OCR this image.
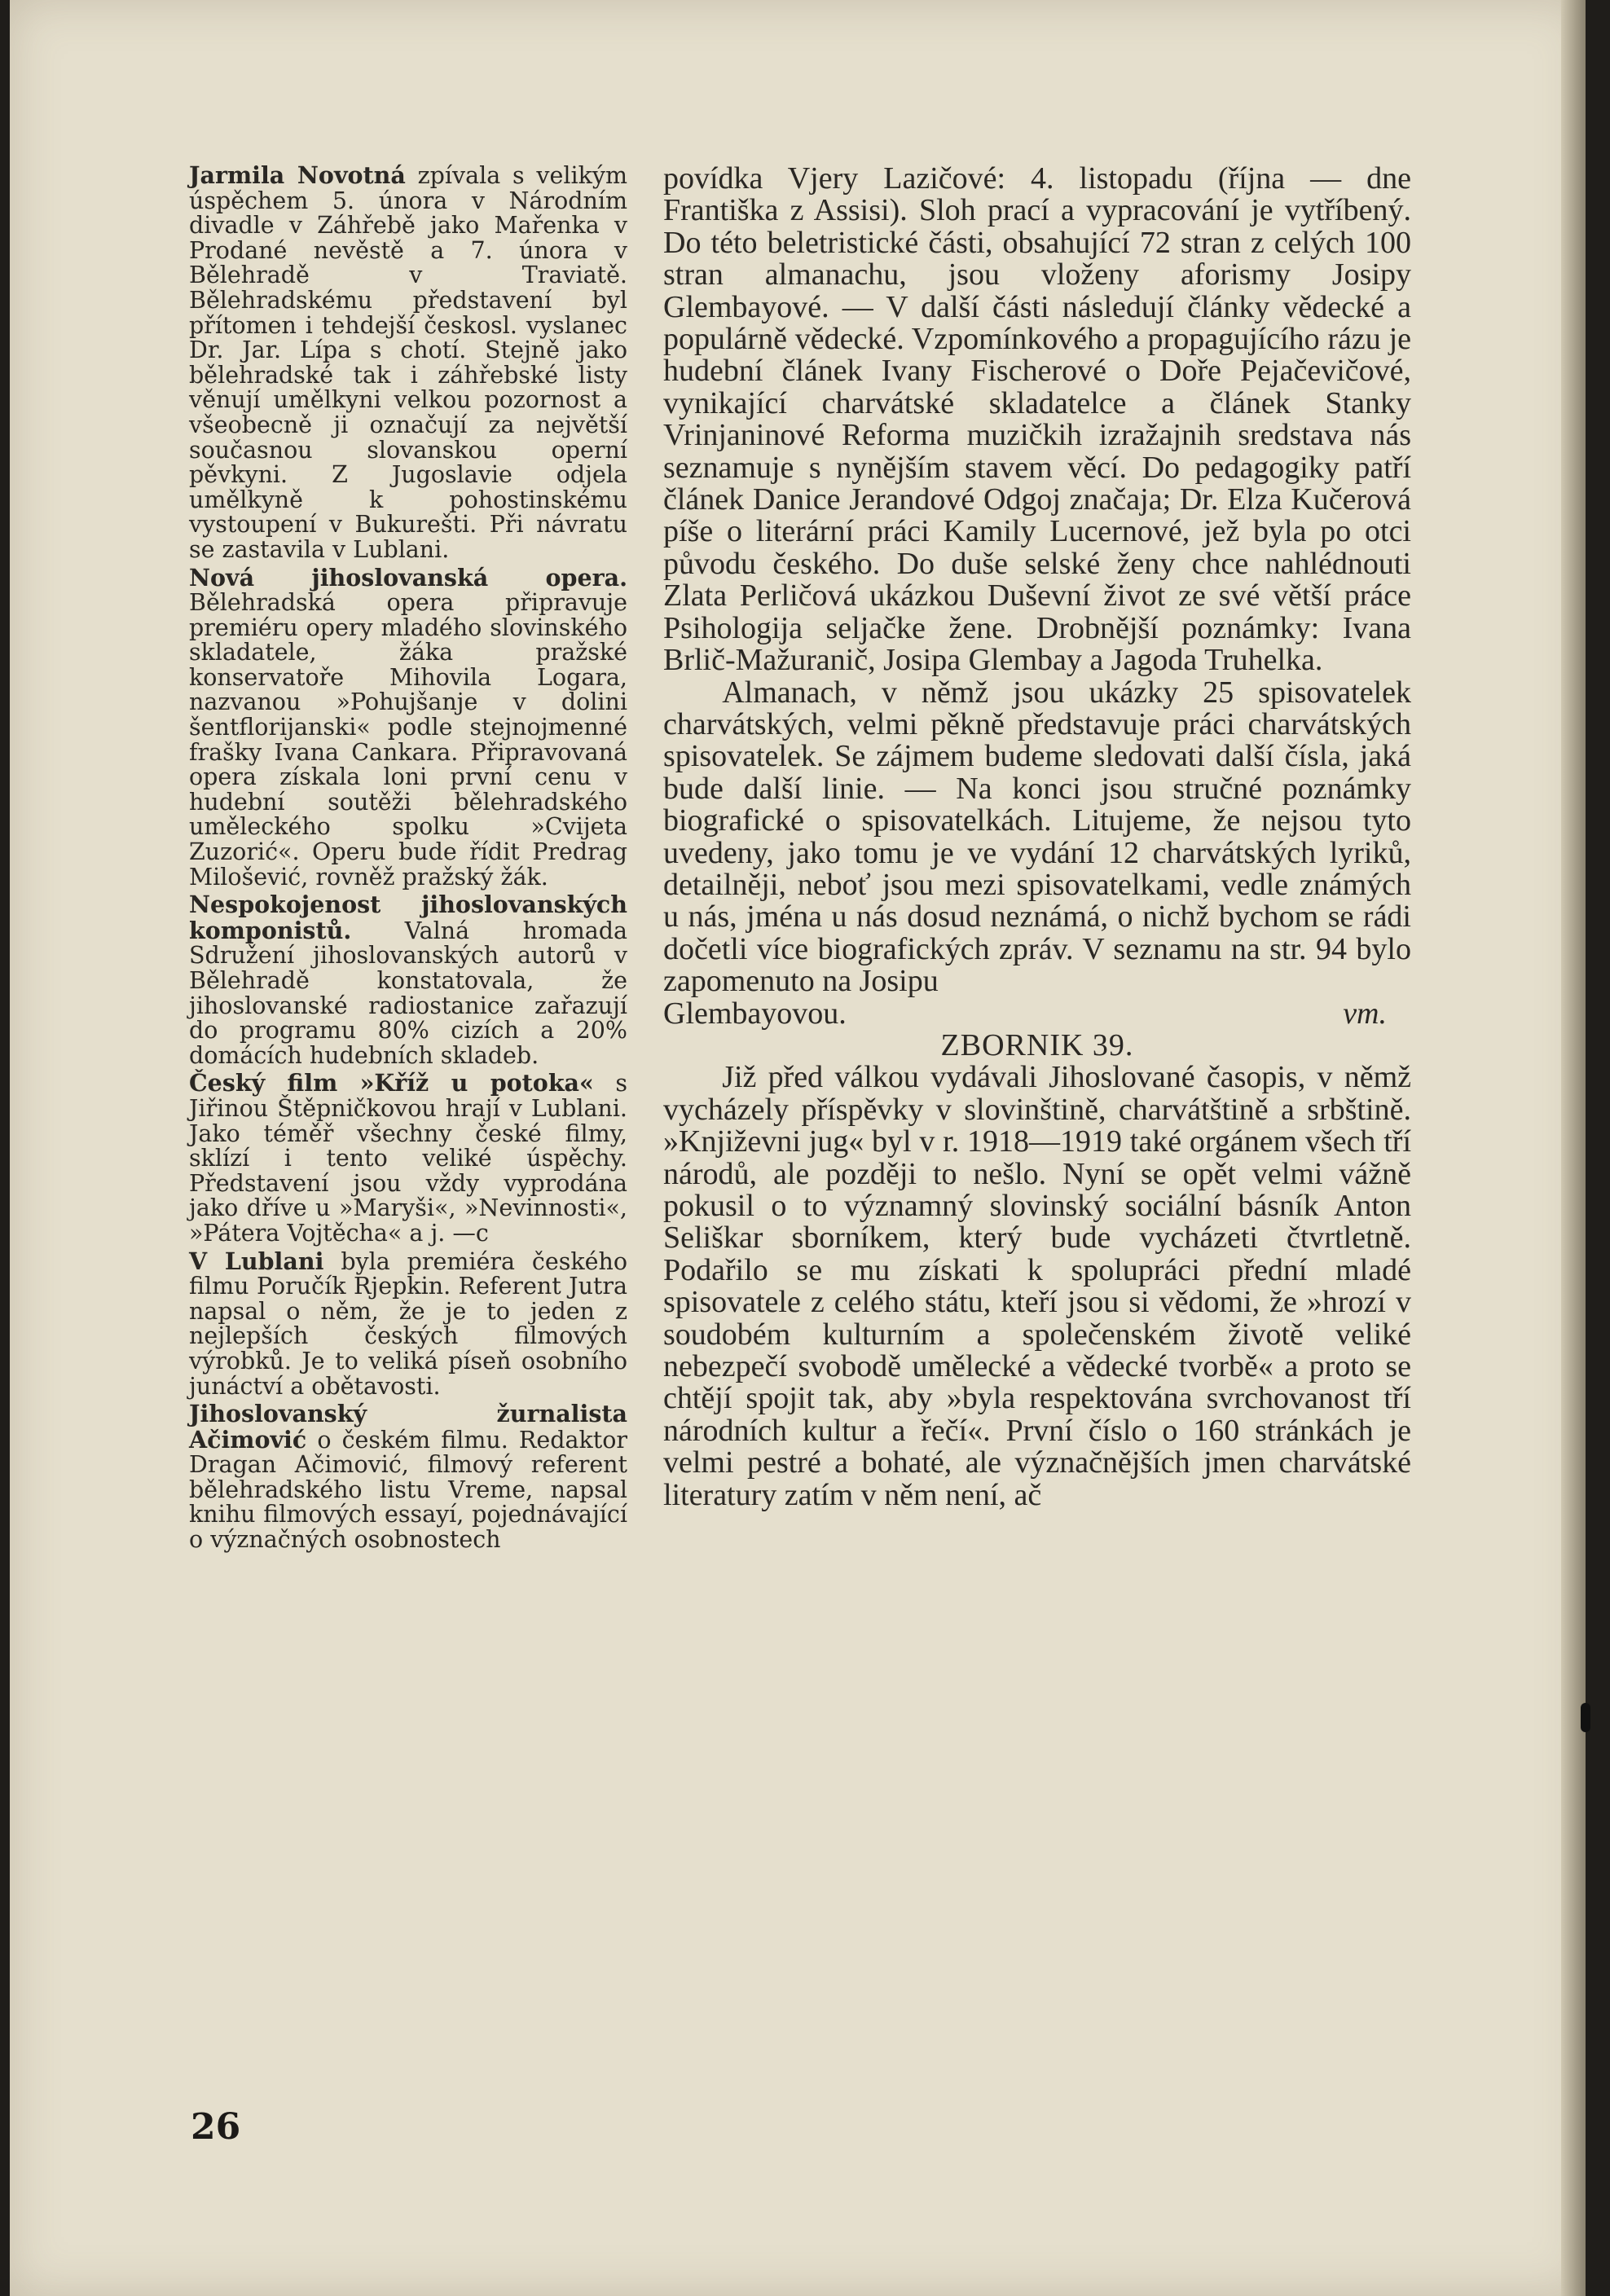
Jarmila Novotná zpívala s velikým úspěchem 5. února v Národním divadle v Záhřebě jako Mařenka v Prodané nevěstě a 7. února v Bělehradě v Traviatě. Bělehradskému představení byl přítomen i tehdejší českosl. vyslanec Dr. Jar. Lípa s chotí. Stejně jako bělehradské tak i záhřebské listy věnují umělkyni velkou pozornost a všeobecně ji označují za největší současnou slovanskou operní pěvkyni. Z Jugoslavie odjela umělkyně k pohostinskému vystoupení v Bukurešti. Při návratu se zastavila v Lublani.

Nová jihoslovanská opera. Bělehradská opera připravuje premiéru opery mladého slovinského skladatele, žáka pražské konservatoře Mihovila Logara, nazvanou »Pohujšanje v dolini šentflorijanski« podle stejnojmenné frašky Ivana Cankara. Připravovaná opera získala loni první cenu v hudební soutěži bělehradského uměleckého spolku »Cvijeta Zuzorić«. Operu bude řídit Predrag Milošević, rovněž pražský žák.

Nespokojenost jihoslovanských komponistů. Valná hromada Sdružení jihoslovanských autorů v Bělehradě konstatovala, že jihoslovanské radiostanice zařazují do programu 80% cizích a 20% domácích hudebních skladeb.

Český film »Kříž u potoka« s Jiřinou Štěpničkovou hrají v Lublani. Jako téměř všechny české filmy, sklízí i tento veliké úspěchy. Představení jsou vždy vyprodána jako dříve u »Maryši«, »Nevinnosti«, »Pátera Vojtěcha« a j. —c

V Lublani byla premiéra českého filmu Poručík Rjepkin. Referent Jutra napsal o něm, že je to jeden z nejlepších českých filmových výrobků. Je to veliká píseň osobního junáctví a obětavosti.

Jihoslovanský žurnalista Ačimović o českém filmu. Redaktor Dragan Ačimović, filmový referent bělehradského listu Vreme, napsal knihu filmových essayí, pojednávající o význačných osobnostech

povídka Vjery Lazičové: 4. listopadu (října — dne Františka z Assisi). Sloh prací a vypracování je vytříbený. Do této beletristické části, obsahující 72 stran z celých 100 stran almanachu, jsou vloženy aforismy Josipy Glembayové. — V další části následují články vědecké a populárně vědecké. Vzpomínkového a propagujícího rázu je hudební článek Ivany Fischerové o Doře Pejačevičové, vynikající charvátské skladatelce a článek Stanky Vrinjaninové Reforma muzičkih izražajnih sredstava nás seznamuje s nynějším stavem věcí. Do pedagogiky patří článek Danice Jerandové Odgoj značaja; Dr. Elza Kučerová píše o literární práci Kamily Lucernové, jež byla po otci původu českého. Do duše selské ženy chce nahlédnouti Zlata Perličová ukázkou Duševní život ze své větší práce Psihologija seljačke žene. Drobnější poznámky: Ivana Brlič-Mažuranič, Josipa Glembay a Jagoda Truhelka.

Almanach, v němž jsou ukázky 25 spisovatelek charvátských, velmi pěkně představuje práci charvátských spisovatelek. Se zájmem budeme sledovati další čísla, jaká bude další linie. — Na konci jsou stručné poznámky biografické o spisovatelkách. Litujeme, že nejsou tyto uvedeny, jako tomu je ve vydání 12 charvátských lyriků, detailněji, neboť jsou mezi spisovatelkami, vedle známých u nás, jména u nás dosud neznámá, o nichž bychom se rádi dočetli více biografických zpráv. V seznamu na str. 94 bylo zapomenuto na Josipu

Glembayovou.	vm.

ZBORNIK 39.

Již před válkou vydávali Jihoslované časopis, v němž vycházely příspěvky v slovinštině, charvátštině a srbštině. »Književni jug« byl v r. 1918—1919 také orgánem všech tří národů, ale později to nešlo. Nyní se opět velmi vážně pokusil o to významný slovinský sociální básník Anton Seliškar sborníkem, který bude vycházeti čtvrtletně. Podařilo se mu získati k spolupráci přední mladé spisovatele z celého státu, kteří jsou si vědomi, že »hrozí v soudobém kulturním a společenském životě veliké nebezpečí svobodě umělecké a vědecké tvorbě« a proto se chtějí spojit tak, aby »byla respektována svrchovanost tří národních kultur a řečí«. První číslo o 160 stránkách je velmi pestré a bohaté, ale význačnějších jmen charvátské literatury zatím v něm není, ač

26
